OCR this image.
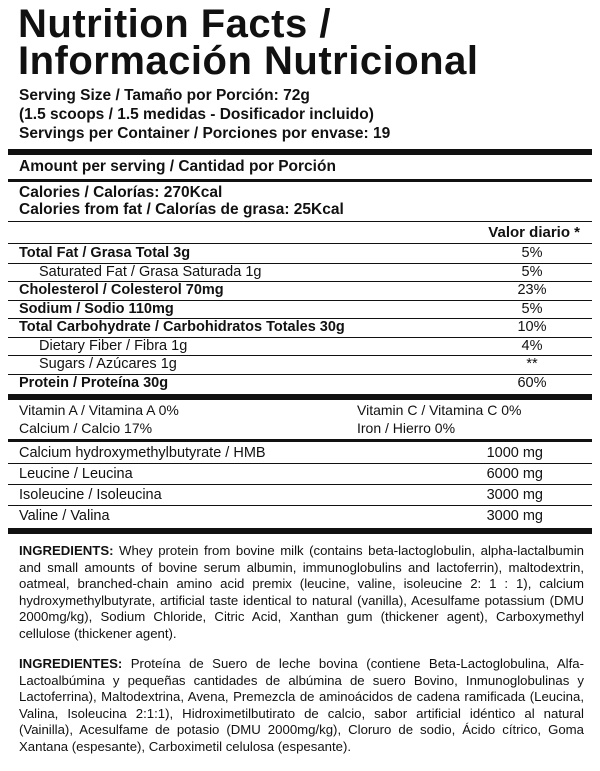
Nutrition Facts /
Información Nutricional
Serving Size / Tamaño por Porción: 72g
(1.5 scoops / 1.5 medidas - Dosificador incluido)
Servings per Container / Porciones por envase: 19
Amount per serving / Cantidad por Porción
Calories / Calorías: 270Kcal
Calories from fat / Calorías de grasa: 25Kcal
Valor diario *
Total Fat / Grasa Total 3g	5%
Saturated Fat / Grasa Saturada 1g	5%
Cholesterol / Colesterol 70mg	23%
Sodium / Sodio 110mg	5%
Total Carbohydrate / Carbohidratos Totales 30g	10%
Dietary Fiber / Fibra 1g	4%
Sugars / Azúcares 1g	**
Protein / Proteína 30g	60%
Vitamin A / Vitamina A 0%	Vitamin C / Vitamina C 0%
Calcium / Calcio 17%	Iron / Hierro 0%
Calcium hydroxymethylbutyrate / HMB	1000 mg
Leucine / Leucina	6000 mg
Isoleucine / Isoleucina	3000 mg
Valine / Valina	3000 mg
INGREDIENTS: Whey protein from bovine milk (contains beta-lactoglobulin, alpha-lactalbumin and small amounts of bovine serum albumin, immunoglobulins and lactoferrin), maltodextrin, oatmeal, branched-chain amino acid premix (leucine, valine, isoleucine 2: 1 : 1), calcium hydroxymethylbutyrate, artificial taste identical to natural (vanilla), Acesulfame potassium (DMU 2000mg/kg), Sodium Chloride, Citric Acid, Xanthan gum (thickener agent), Carboxymethyl cellulose (thickener agent).
INGREDIENTES: Proteína de Suero de leche bovina (contiene Beta-Lactoglobulina, Alfa-Lactoalbúmina y pequeñas cantidades de albúmina de suero Bovino, Inmunoglobulinas y Lactoferrina), Maltodextrina, Avena, Premezcla de aminoácidos de cadena ramificada (Leucina, Valina, Isoleucina 2:1:1), Hidroximetilbutirato de calcio, sabor artificial idéntico al natural (Vainilla), Acesulfame de potasio (DMU 2000mg/kg), Cloruro de sodio, Ácido cítrico, Goma Xantana (espesante), Carboximetil celulosa (espesante).
